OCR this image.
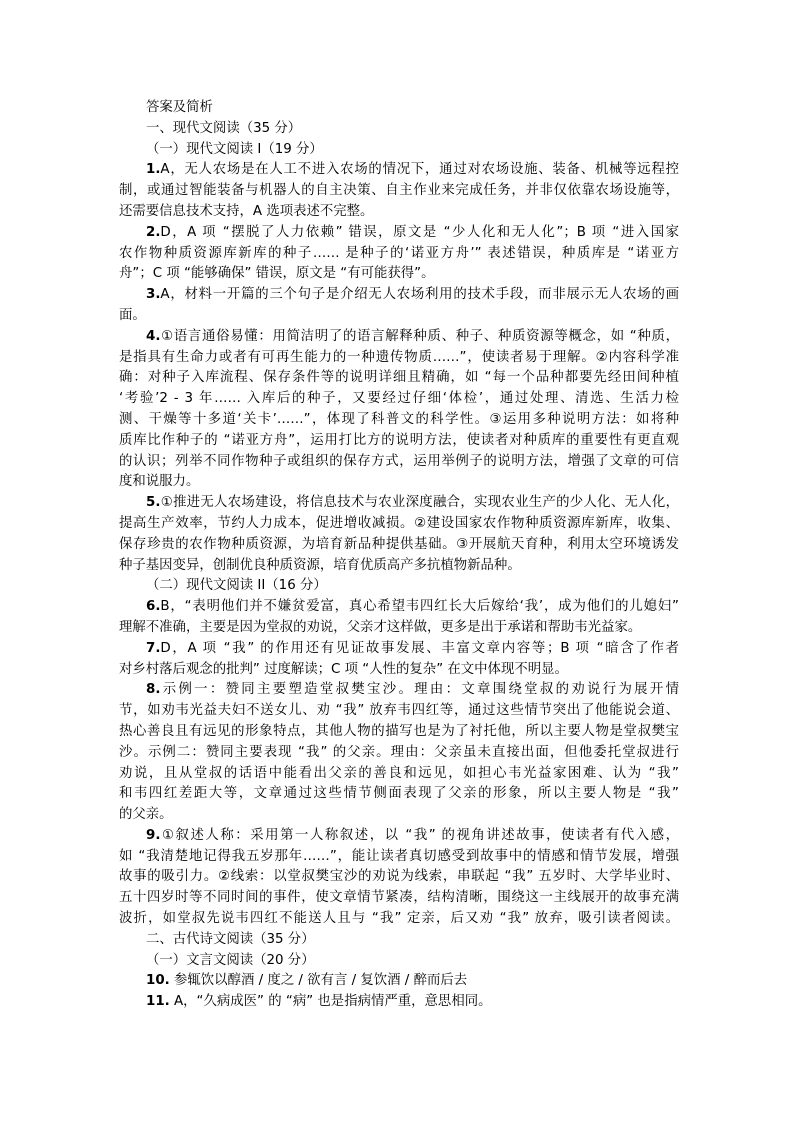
答案及简析
一、现代文阅读（35 分）
（一）现代文阅读 I（19 分）
1.A，无人农场是在人工不进入农场的情况下，通过对农场设施、装备、机械等远程控
制，或通过智能装备与机器人的自主决策、自主作业来完成任务，并非仅依靠农场设施等，
还需要信息技术支持，A 选项表述不完整。
2.D，A 项 “摆脱了人力依赖” 错误，原文是 “少人化和无人化”；B 项 “进入国家
农作物种质资源库新库的种子…… 是种子的‘诺亚方舟’” 表述错误，种质库是 “诺亚方
舟”；C 项 “能够确保” 错误，原文是 “有可能获得”。
3.A，材料一开篇的三个句子是介绍无人农场利用的技术手段，而非展示无人农场的画
面。
4.①语言通俗易懂：用简洁明了的语言解释种质、种子、种质资源等概念，如 “种质，
是指具有生命力或者有可再生能力的一种遗传物质……”，使读者易于理解。②内容科学准
确：对种子入库流程、保存条件等的说明详细且精确，如 “每一个品种都要先经田间种植
‘考验’2 - 3 年…… 入库后的种子，又要经过仔细‘体检’，通过处理、清选、生活力检
测、干燥等十多道‘关卡’……”，体现了科普文的科学性。③运用多种说明方法：如将种
质库比作种子的 “诺亚方舟”，运用打比方的说明方法，使读者对种质库的重要性有更直观
的认识；列举不同作物种子或组织的保存方式，运用举例子的说明方法，增强了文章的可信
度和说服力。
5.①推进无人农场建设，将信息技术与农业深度融合，实现农业生产的少人化、无人化，
提高生产效率，节约人力成本，促进增收减损。②建设国家农作物种质资源库新库，收集、
保存珍贵的农作物种质资源，为培育新品种提供基础。③开展航天育种，利用太空环境诱发
种子基因变异，创制优良种质资源，培育优质高产多抗植物新品种。
（二）现代文阅读 II（16 分）
6.B，“表明他们并不嫌贫爱富，真心希望韦四红长大后嫁给‘我’，成为他们的儿媳妇”
理解不准确，主要是因为堂叔的劝说，父亲才这样做，更多是出于承诺和帮助韦光益家。
7.D，A 项 “我” 的作用还有见证故事发展、丰富文章内容等；B 项 “暗含了作者
对乡村落后观念的批判” 过度解读；C 项 “人性的复杂” 在文中体现不明显。
8.示例一：赞同主要塑造堂叔樊宝沙。理由：文章围绕堂叔的劝说行为展开情
节，如劝韦光益夫妇不送女儿、劝 “我” 放弃韦四红等，通过这些情节突出了他能说会道、
热心善良且有远见的形象特点，其他人物的描写也是为了衬托他，所以主要人物是堂叔樊宝
沙。示例二：赞同主要表现 “我” 的父亲。理由：父亲虽未直接出面，但他委托堂叔进行
劝说，且从堂叔的话语中能看出父亲的善良和远见，如担心韦光益家困难、认为 “我”
和韦四红差距大等，文章通过这些情节侧面表现了父亲的形象，所以主要人物是 “我”
的父亲。
9.①叙述人称：采用第一人称叙述，以 “我” 的视角讲述故事，使读者有代入感，
如 “我清楚地记得我五岁那年……”，能让读者真切感受到故事中的情感和情节发展，增强
故事的吸引力。②线索：以堂叔樊宝沙的劝说为线索，串联起 “我” 五岁时、大学毕业时、
五十四岁时等不同时间的事件，使文章情节紧凑，结构清晰，围绕这一主线展开的故事充满
波折，如堂叔先说韦四红不能送人且与 “我” 定亲，后又劝 “我” 放弃，吸引读者阅读。
二、古代诗文阅读（35 分）
（一）文言文阅读（20 分）
10. 参辄饮以醇酒 / 度之 / 欲有言 / 复饮酒 / 醉而后去
11. A，“久病成医” 的 “病” 也是指病情严重，意思相同。
